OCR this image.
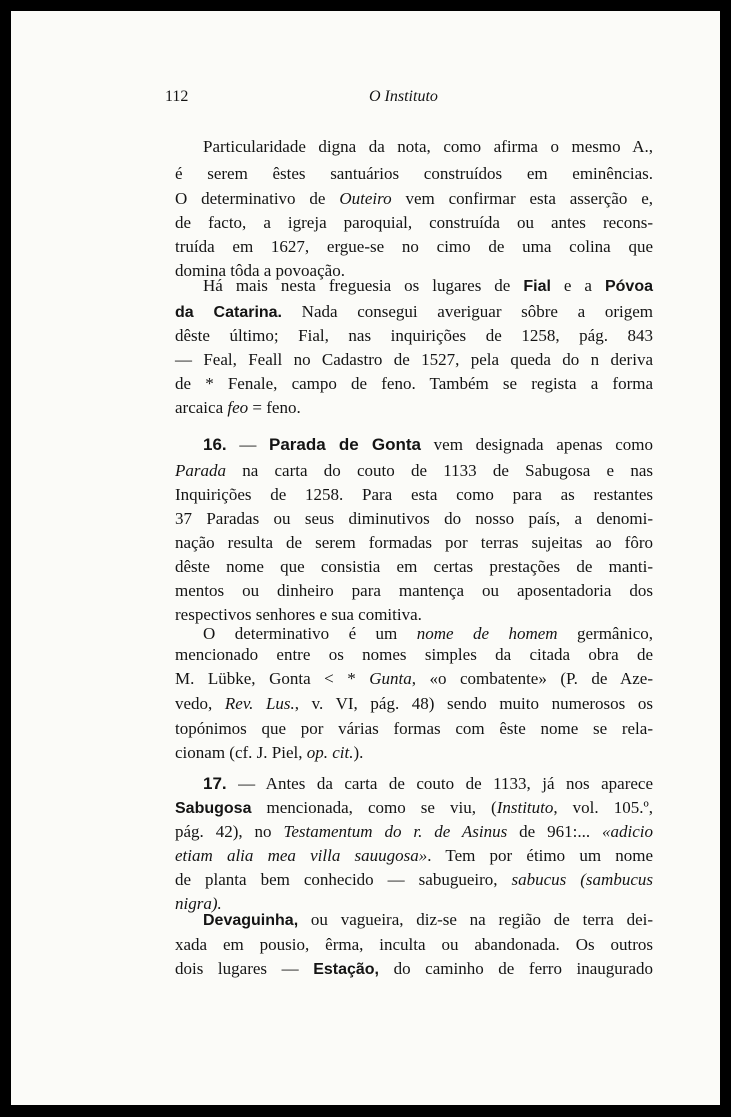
112	O Instituto
Particularidade digna da nota, como afirma o mesmo A.,
é serem êstes santuários construídos em eminências.
O determinativo de Outeiro vem confirmar esta asserção e,
de facto, a igreja paroquial, construída ou antes recons-
truída em 1627, ergue-se no cimo de uma colina que
domina tôda a povoação.
Há mais nesta freguesia os lugares de Fial e a Póvoa
da Catarina. Nada consegui averiguar sôbre a origem
dêste último; Fial, nas inquirições de 1258, pág. 843
— Feal, Feall no Cadastro de 1527, pela queda do n deriva
de * Fenale, campo de feno. Também se regista a forma
arcaica feo = feno.
16. — Parada de Gonta vem designada apenas como
Parada na carta do couto de 1133 de Sabugosa e nas
Inquirições de 1258. Para esta como para as restantes
37 Paradas ou seus diminutivos do nosso país, a denomi-
nação resulta de serem formadas por terras sujeitas ao fôro
dêste nome que consistia em certas prestações de manti-
mentos ou dinheiro para mantença ou aposentadoria dos
respectivos senhores e sua comitiva.
O determinativo é um nome de homem germânico,
mencionado entre os nomes simples da citada obra de
M. Lübke, Gonta < * Gunta, «o combatente» (P. de Aze-
vedo, Rev. Lus., v. VI, pág. 48) sendo muito numerosos os
topónimos que por várias formas com êste nome se rela-
cionam (cf. J. Piel, op. cit.).
17. — Antes da carta de couto de 1133, já nos aparece
Sabugosa mencionada, como se viu, (Instituto, vol. 105.º,
pág. 42), no Testamentum do r. de Asinus de 961:... «adicio
etiam alia mea villa sauugosa». Tem por étimo um nome
de planta bem conhecido — sabugueiro, sabucus (sambucus
nigra).
Devaguinha, ou vagueira, diz-se na região de terra dei-
xada em pousio, êrma, inculta ou abandonada. Os outros
dois lugares — Estação, do caminho de ferro inaugurado
